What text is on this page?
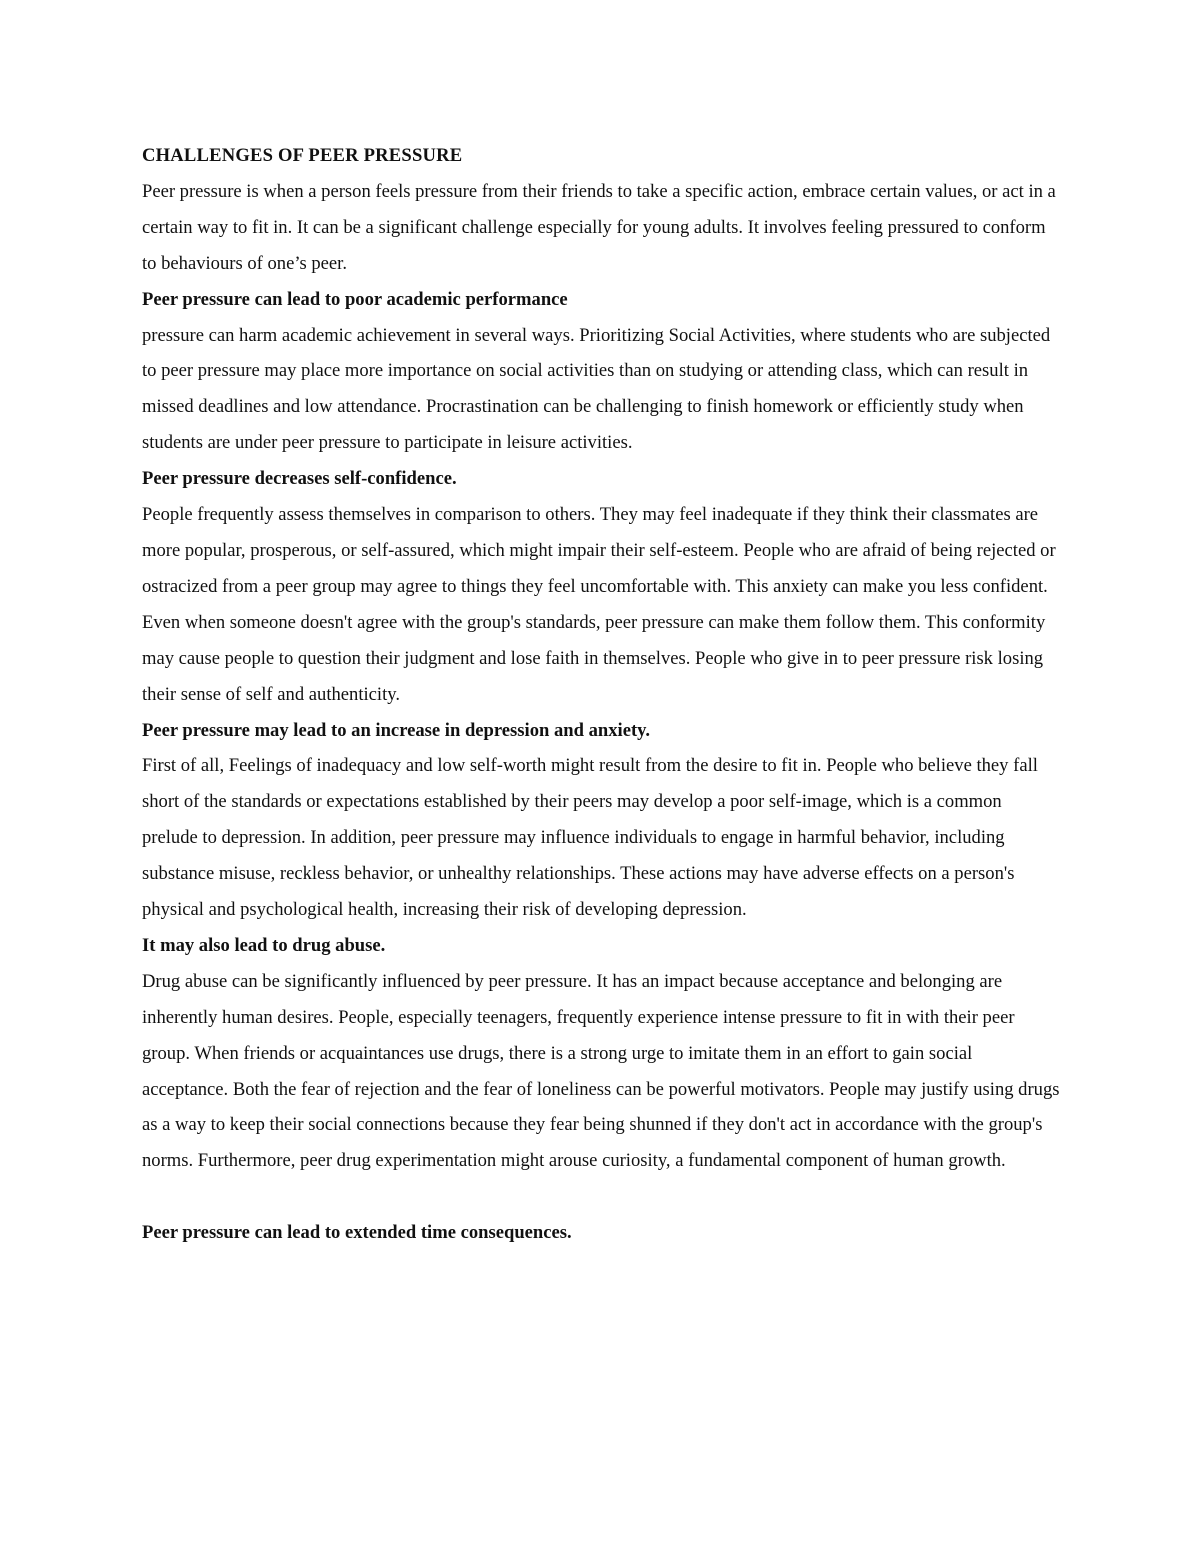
CHALLENGES OF PEER PRESSURE

Peer pressure is when a person feels pressure from their friends to take a specific action, embrace certain values, or act in a certain way to fit in. It can be a significant challenge especially for young adults. It involves feeling pressured to conform to behaviours of one’s peer.

Peer pressure can lead to poor academic performance

pressure can harm academic achievement in several ways. Prioritizing Social Activities, where students who are subjected to peer pressure may place more importance on social activities than on studying or attending class, which can result in missed deadlines and low attendance. Procrastination can be challenging to finish homework or efficiently study when students are under peer pressure to participate in leisure activities.

Peer pressure decreases self-confidence.

People frequently assess themselves in comparison to others. They may feel inadequate if they think their classmates are more popular, prosperous, or self-assured, which might impair their self-esteem. People who are afraid of being rejected or ostracized from a peer group may agree to things they feel uncomfortable with. This anxiety can make you less confident. Even when someone doesn't agree with the group's standards, peer pressure can make them follow them. This conformity may cause people to question their judgment and lose faith in themselves. People who give in to peer pressure risk losing their sense of self and authenticity.

Peer pressure may lead to an increase in depression and anxiety.

First of all, Feelings of inadequacy and low self-worth might result from the desire to fit in. People who believe they fall short of the standards or expectations established by their peers may develop a poor self-image, which is a common prelude to depression. In addition, peer pressure may influence individuals to engage in harmful behavior, including substance misuse, reckless behavior, or unhealthy relationships. These actions may have adverse effects on a person's physical and psychological health, increasing their risk of developing depression.

It may also lead to drug abuse.

Drug abuse can be significantly influenced by peer pressure. It has an impact because acceptance and belonging are inherently human desires. People, especially teenagers, frequently experience intense pressure to fit in with their peer group. When friends or acquaintances use drugs, there is a strong urge to imitate them in an effort to gain social acceptance. Both the fear of rejection and the fear of loneliness can be powerful motivators. People may justify using drugs as a way to keep their social connections because they fear being shunned if they don't act in accordance with the group's norms. Furthermore, peer drug experimentation might arouse curiosity, a fundamental component of human growth.

Peer pressure can lead to extended time consequences.
